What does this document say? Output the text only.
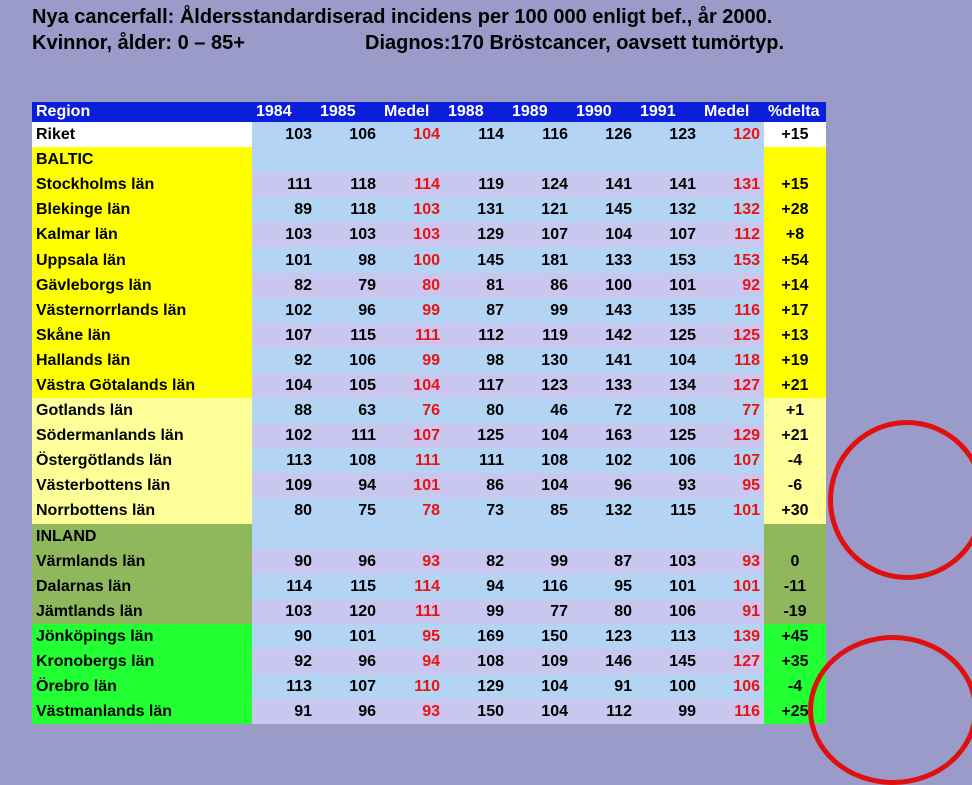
Nya cancerfall: Åldersstandardiserad incidens per 100 000 enligt bef., år 2000.
Kvinnor, ålder: 0 – 85+	Diagnos:170 Bröstcancer, oavsett tumörtyp.
Region	1984	1985	Medel	1988	1989	1990	1991	Medel	%delta
Riket	103	106	104	114	116	126	123	120	+15
BALTIC									
Stockholms län	111	118	114	119	124	141	141	131	+15
Blekinge län	89	118	103	131	121	145	132	132	+28
Kalmar län	103	103	103	129	107	104	107	112	+8
Uppsala län	101	98	100	145	181	133	153	153	+54
Gävleborgs län	82	79	80	81	86	100	101	92	+14
Västernorrlands län	102	96	99	87	99	143	135	116	+17
Skåne län	107	115	111	112	119	142	125	125	+13
Hallands län	92	106	99	98	130	141	104	118	+19
Västra Götalands län	104	105	104	117	123	133	134	127	+21
Gotlands län	88	63	76	80	46	72	108	77	+1
Södermanlands län	102	111	107	125	104	163	125	129	+21
Östergötlands län	113	108	111	111	108	102	106	107	-4
Västerbottens län	109	94	101	86	104	96	93	95	-6
Norrbottens län	80	75	78	73	85	132	115	101	+30
INLAND									
Värmlands län	90	96	93	82	99	87	103	93	0
Dalarnas län	114	115	114	94	116	95	101	101	-11
Jämtlands län	103	120	111	99	77	80	106	91	-19
Jönköpings län	90	101	95	169	150	123	113	139	+45
Kronobergs län	92	96	94	108	109	146	145	127	+35
Örebro län	113	107	110	129	104	91	100	106	-4
Västmanlands län	91	96	93	150	104	112	99	116	+25
